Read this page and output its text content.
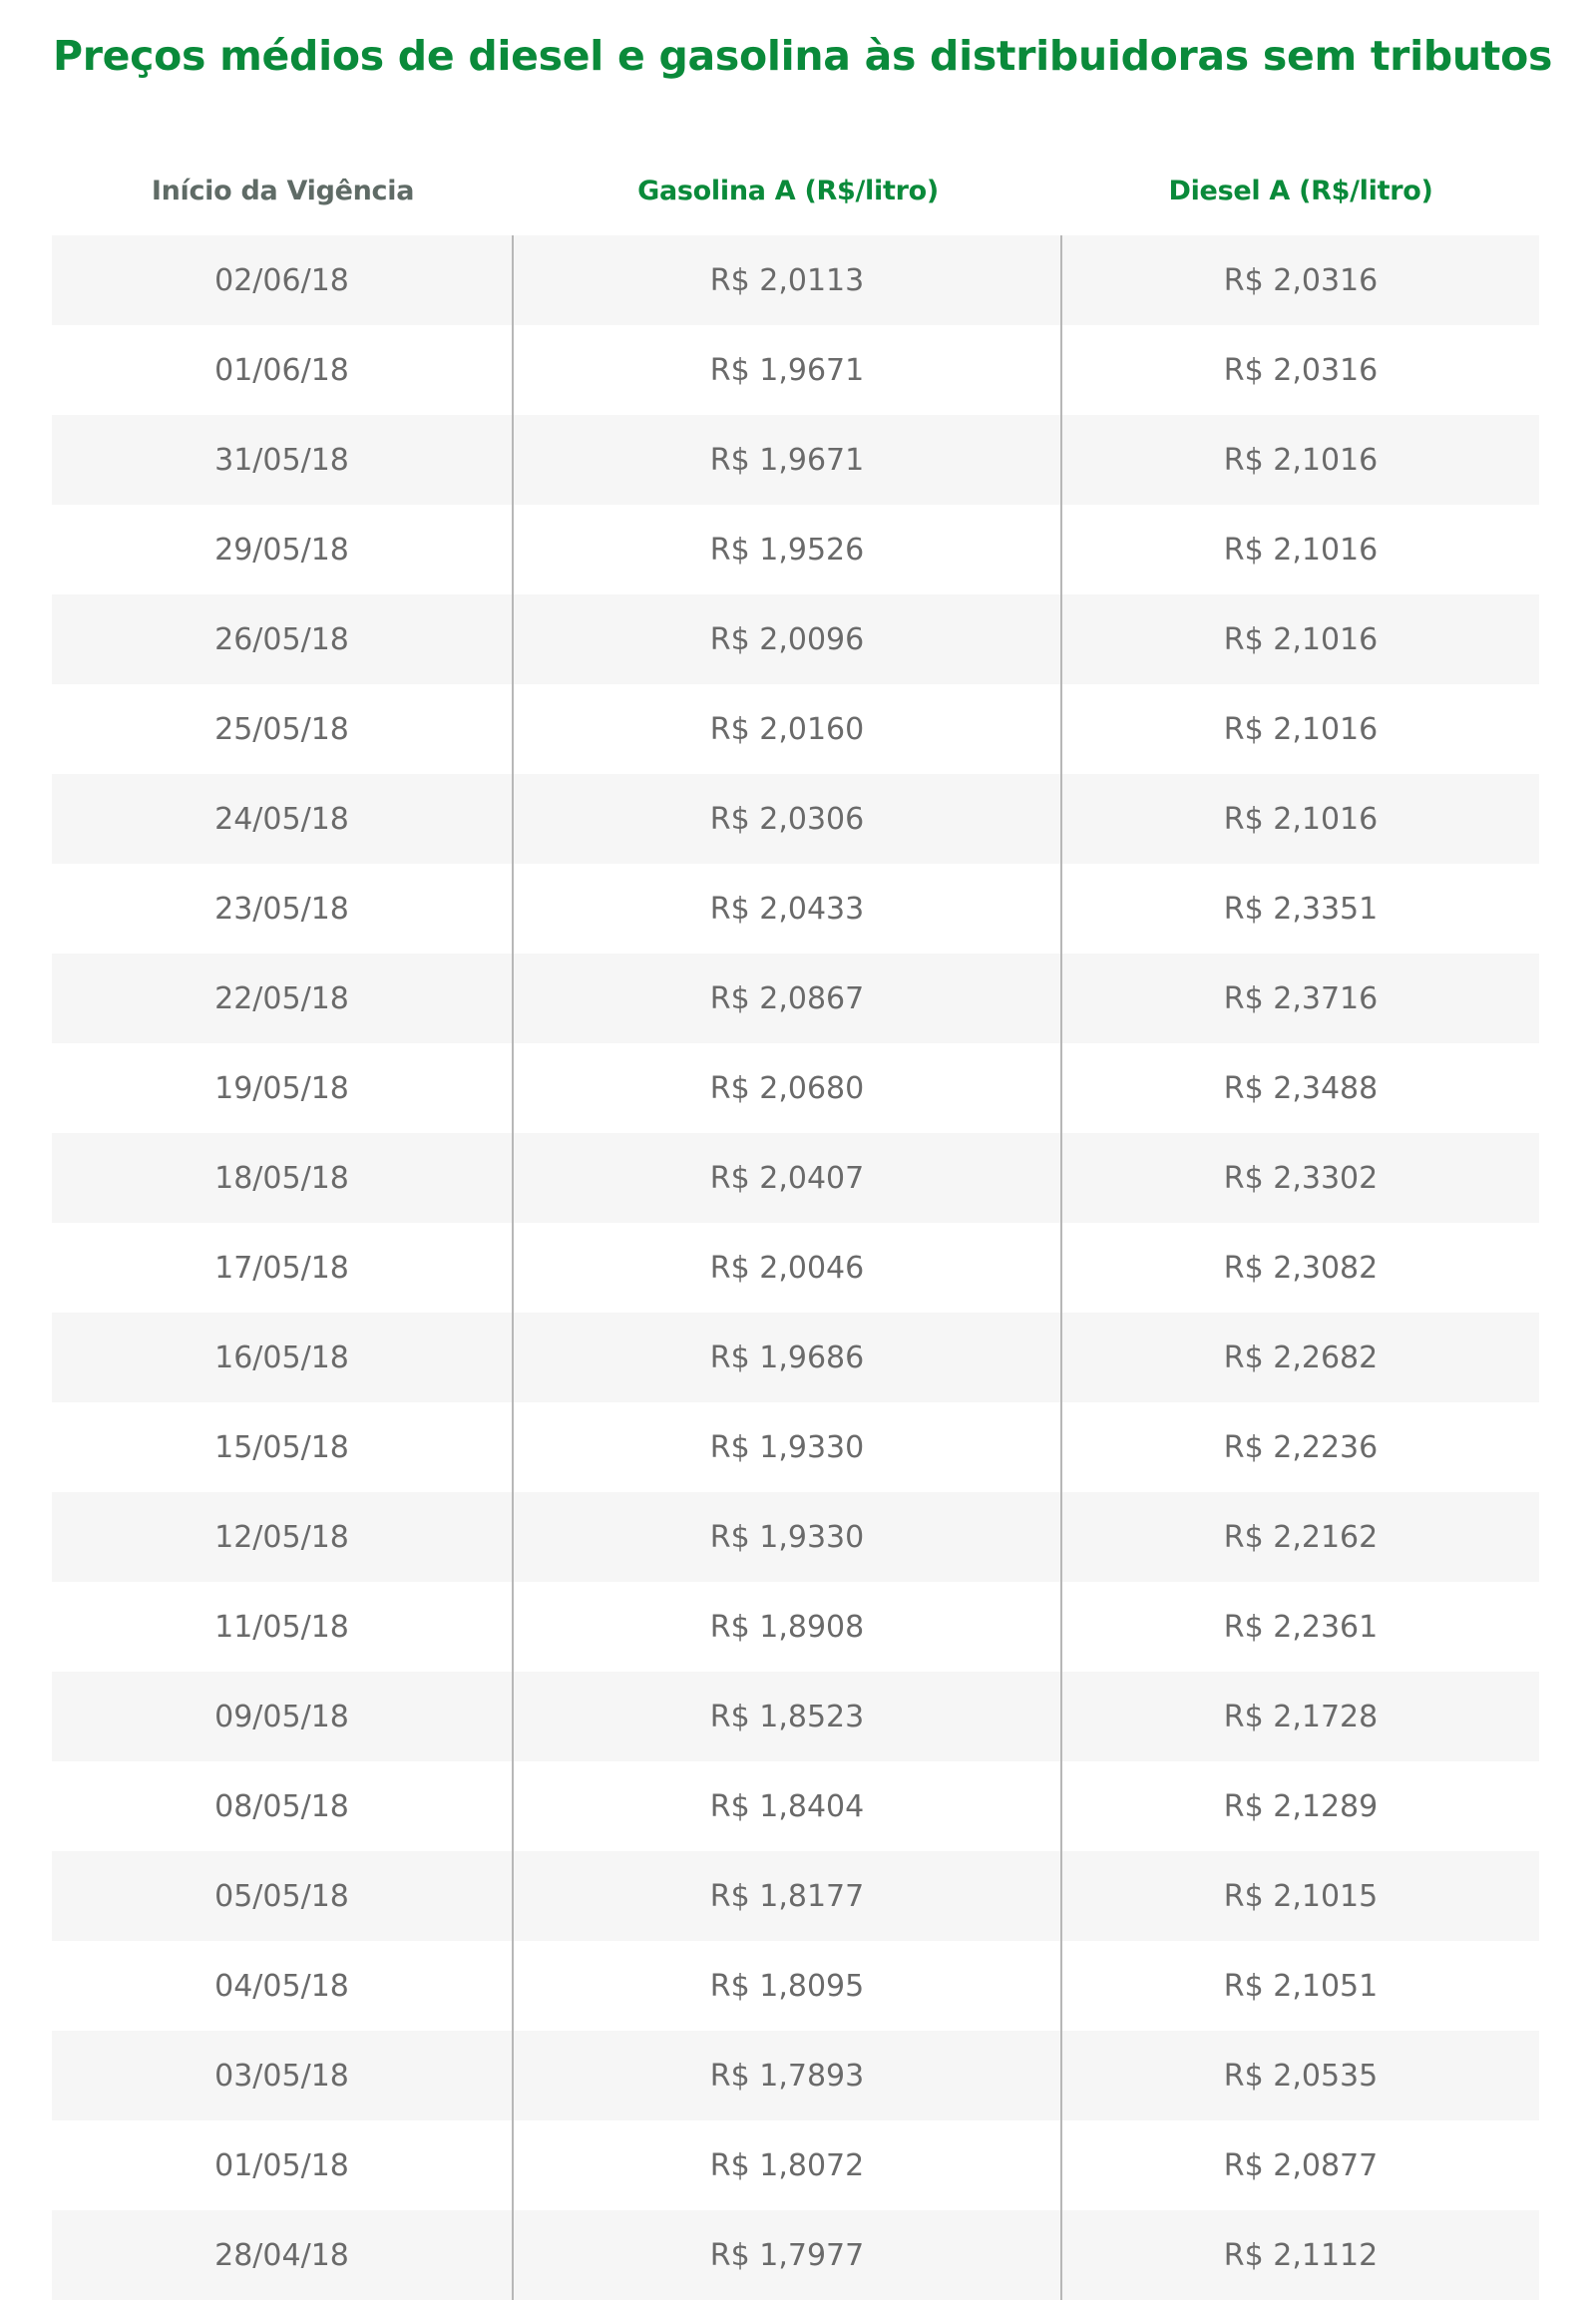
Preços médios de diesel e gasolina às distribuidoras sem tributos
Início da Vigência	Gasolina A (R$/litro)	Diesel A (R$/litro)
02/06/18	R$ 2,0113	R$ 2,0316
01/06/18	R$ 1,9671	R$ 2,0316
31/05/18	R$ 1,9671	R$ 2,1016
29/05/18	R$ 1,9526	R$ 2,1016
26/05/18	R$ 2,0096	R$ 2,1016
25/05/18	R$ 2,0160	R$ 2,1016
24/05/18	R$ 2,0306	R$ 2,1016
23/05/18	R$ 2,0433	R$ 2,3351
22/05/18	R$ 2,0867	R$ 2,3716
19/05/18	R$ 2,0680	R$ 2,3488
18/05/18	R$ 2,0407	R$ 2,3302
17/05/18	R$ 2,0046	R$ 2,3082
16/05/18	R$ 1,9686	R$ 2,2682
15/05/18	R$ 1,9330	R$ 2,2236
12/05/18	R$ 1,9330	R$ 2,2162
11/05/18	R$ 1,8908	R$ 2,2361
09/05/18	R$ 1,8523	R$ 2,1728
08/05/18	R$ 1,8404	R$ 2,1289
05/05/18	R$ 1,8177	R$ 2,1015
04/05/18	R$ 1,8095	R$ 2,1051
03/05/18	R$ 1,7893	R$ 2,0535
01/05/18	R$ 1,8072	R$ 2,0877
28/04/18	R$ 1,7977	R$ 2,1112
